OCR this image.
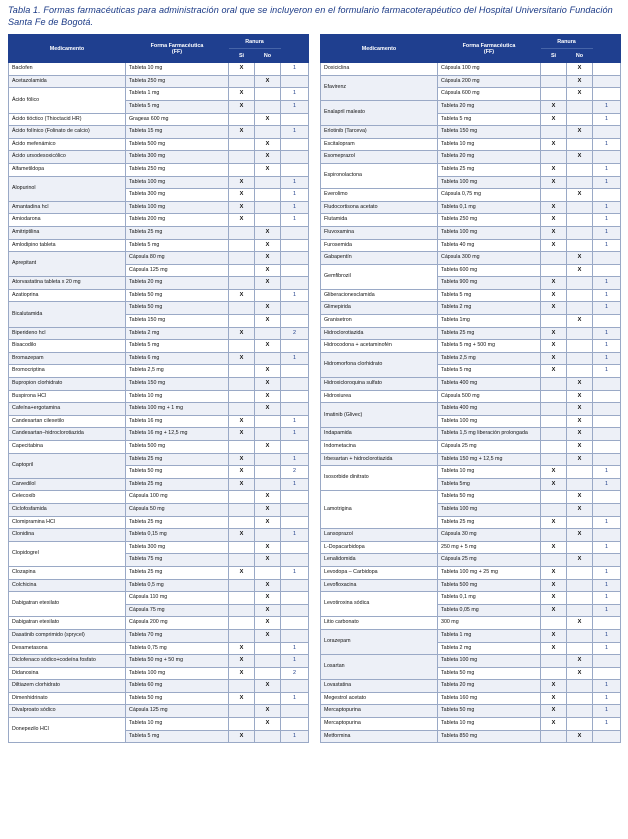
Tabla 1. Formas farmacéuticas para administración oral que se incluyeron en el formulario farmacoterapéutico del Hospital Universitario Fundación Santa Fe de Bogotá.

Medicamento	Forma Farmacéutica
(FF)	Ranura		
		Si	No	
Baclofen	Tableta 10 mg	X		1
Acetazolamida	Tableta 250 mg		X	
Ácido fólico	Tableta 1 mg	X		1
	Tableta 5 mg	X		1
Ácido tióctico (Thioctacid HR)	Grageas 600 mg		X	
Ácido folínico (Folinato de calcio)	Tableta 15 mg	X		1
Ácido mefenámico	Tableta 500 mg		X	
Ácido ursodesoxicólico	Tableta 300 mg		X	
Alfametildopa	Tableta 250 mg		X	
Alopurinol	Tableta 100 mg	X		1
	Tableta 300 mg	X		1
Amantadina hcl	Tableta 100 mg	X		1
Amiodarona	Tableta 200 mg	X		1
Amitriptilina	Tableta 25 mg		X	
Amlodipino tableta	Tableta 5 mg		X	
Aprepitant	Cápsula 80 mg		X	
	Cápsula 125 mg		X	
Atorvastatina tableta x 20 mg	Tableta 20 mg		X	
Azatioprina	Tableta 50 mg	X		1
Bicalutamida	Tableta 50 mg		X	
	Tableta 150 mg		X	
Biperideno hcl	Tableta 2 mg	X		2
Bisacodilo	Tableta 5 mg		X	
Bromazepam	Tableta 6 mg	X		1
Bromocriptina	Tableta 2,5 mg		X	
Bupropion clorhidrato	Tableta 150 mg		X	
Buspirona HCl	Tableta 10 mg		X	
Cafeína+ergotamina	Tableta 100 mg + 1 mg		X	
Candesartan cilexetilo	Tableta 16 mg	X		1
Candesartan–hidroclorotiazida	Tableta 16 mg + 12,5 mg	X		1
Capecitabina	Tableta 500 mg		X	
Captopril	Tableta 25 mg	X		1
	Tableta 50 mg	X		2
Carvedilol	Tableta 25 mg	X		1
Celecoxib	Cápsula 100 mg		X	
Ciclofosfamida	Cápsula 50 mg		X	
Clomipramina HCl	Tableta 25 mg		X	
Clonidina	Tableta 0,15 mg	X		1
Clopidogrel	Tableta 300 mg		X	
	Tableta 75 mg		X	
Clozapina	Tableta 25 mg	X		1
Colchicina	Tableta 0,5 mg		X	
Dabigatran etexilato	Cápsula 110 mg		X	
	Cápsula 75 mg		X	
Dabigatran etexilato	Cápsula 200 mg		X	
Dasatinib comprimido (sprycel)	Tableta 70 mg		X	
Dexametasona	Tableta 0,75 mg	X		1
Diclofenaco sódico+codeína fosfato	Tableta 50 mg + 50 mg	X		1
Didanosina	Tableta 100 mg	X		2
Diltiazem clorhidrato	Tableta 60 mg		X	
Dimenhidrinato	Tableta 50 mg	X		1
Divalproato sódico	Cápsula 125 mg		X	
Donepezilo HCl	Tableta 10 mg		X	
	Tableta 5 mg	X		1
Medicamento	Forma Farmacéutica
(FF)	Ranura		
		Si	No	
Doxiciclina	Cápsula 100 mg		X	
Efavirenz	Cápsula 200 mg		X	
	Cápsula 600 mg		X	
Enalapril maleato	Tableta 20 mg	X		1
	Tableta 5 mg	X		1
Erlotinib (Tarceva)	Tableta 150 mg		X	
Escitalopram	Tableta 10 mg	X		1
Esomeprazol	Tableta 20 mg		X	
Espironolactona	Tableta 25 mg	X		1
	Tableta 100 mg	X		1
Everolimo	Cápsula 0,75 mg		X	
Fludocortisona acetato	Tableta 0,1 mg	X		1
Flutamida	Tableta 250 mg	X		1
Fluvoxamina	Tableta 100 mg	X		1
Furosemida	Tableta 40 mg	X		1
Gabapentín	Cápsula 300 mg		X	
Gemfibrozil	Tableta 600 mg		X	
	Tableta 900 mg	X		1
Gliberacionesclamida	Tableta 5 mg	X		1
Glimepirida	Tableta 2 mg	X		1
Granisetron	Tableta 1mg		X	
Hidroclorotiazida	Tableta 25 mg	X		1
Hidrocodona + acetaminofén	Tableta 5 mg + 500 mg	X		1
Hidromorfona clorhidrato	Tableta 2,5 mg	X		1
	Tableta 5 mg	X		1
Hidroxicloroquina sulfato	Tableta 400 mg		X	
Hidroxiurea	Cápsula 500 mg		X	
Imatinib (Glivec)	Tableta 400 mg		X	
	Tableta 100 mg		X	
Indapamida	Tableta 1,5 mg liberación prolongada		X	
Indometacina	Cápsula 25 mg		X	
Irbesartan + hidroclorotiazida	Tableta 150 mg + 12,5 mg		X	
Isosorbide dinitrato	Tableta 10 mg	X		1
	Tableta 5mg	X		1
Lamotrigina	Tableta 50 mg		X	
	Tableta 100 mg		X	
	Tableta 25 mg	X		1
Lansoprazol	Cápsula 30 mg		X	
L-Dopacarbidopa	250 mg + 5 mg	X		1
Lenalidomida	Cápsula 25 mg		X	
Levodopa – Carbidopa	Tableta 100 mg + 25 mg	X		1
Levofloxacina	Tableta 500 mg	X		1
Levotiroxina sódica	Tableta 0,1 mg	X		1
	Tableta 0,05 mg	X		1
Litio carbonato	300 mg		X	
Lorazepam	Tableta 1 mg	X		1
	Tableta 2 mg	X		1
Losartan	Tableta 100 mg		X	
	Tableta 50 mg		X	
Lovastatina	Tableta 20 mg	X		1
Megestrol acetato	Tableta 160 mg	X		1
Mercaptopurina	Tableta 50 mg	X		1
Mercaptopurina	Tableta 10 mg	X		1
Metformina	Tableta 850 mg		X	
